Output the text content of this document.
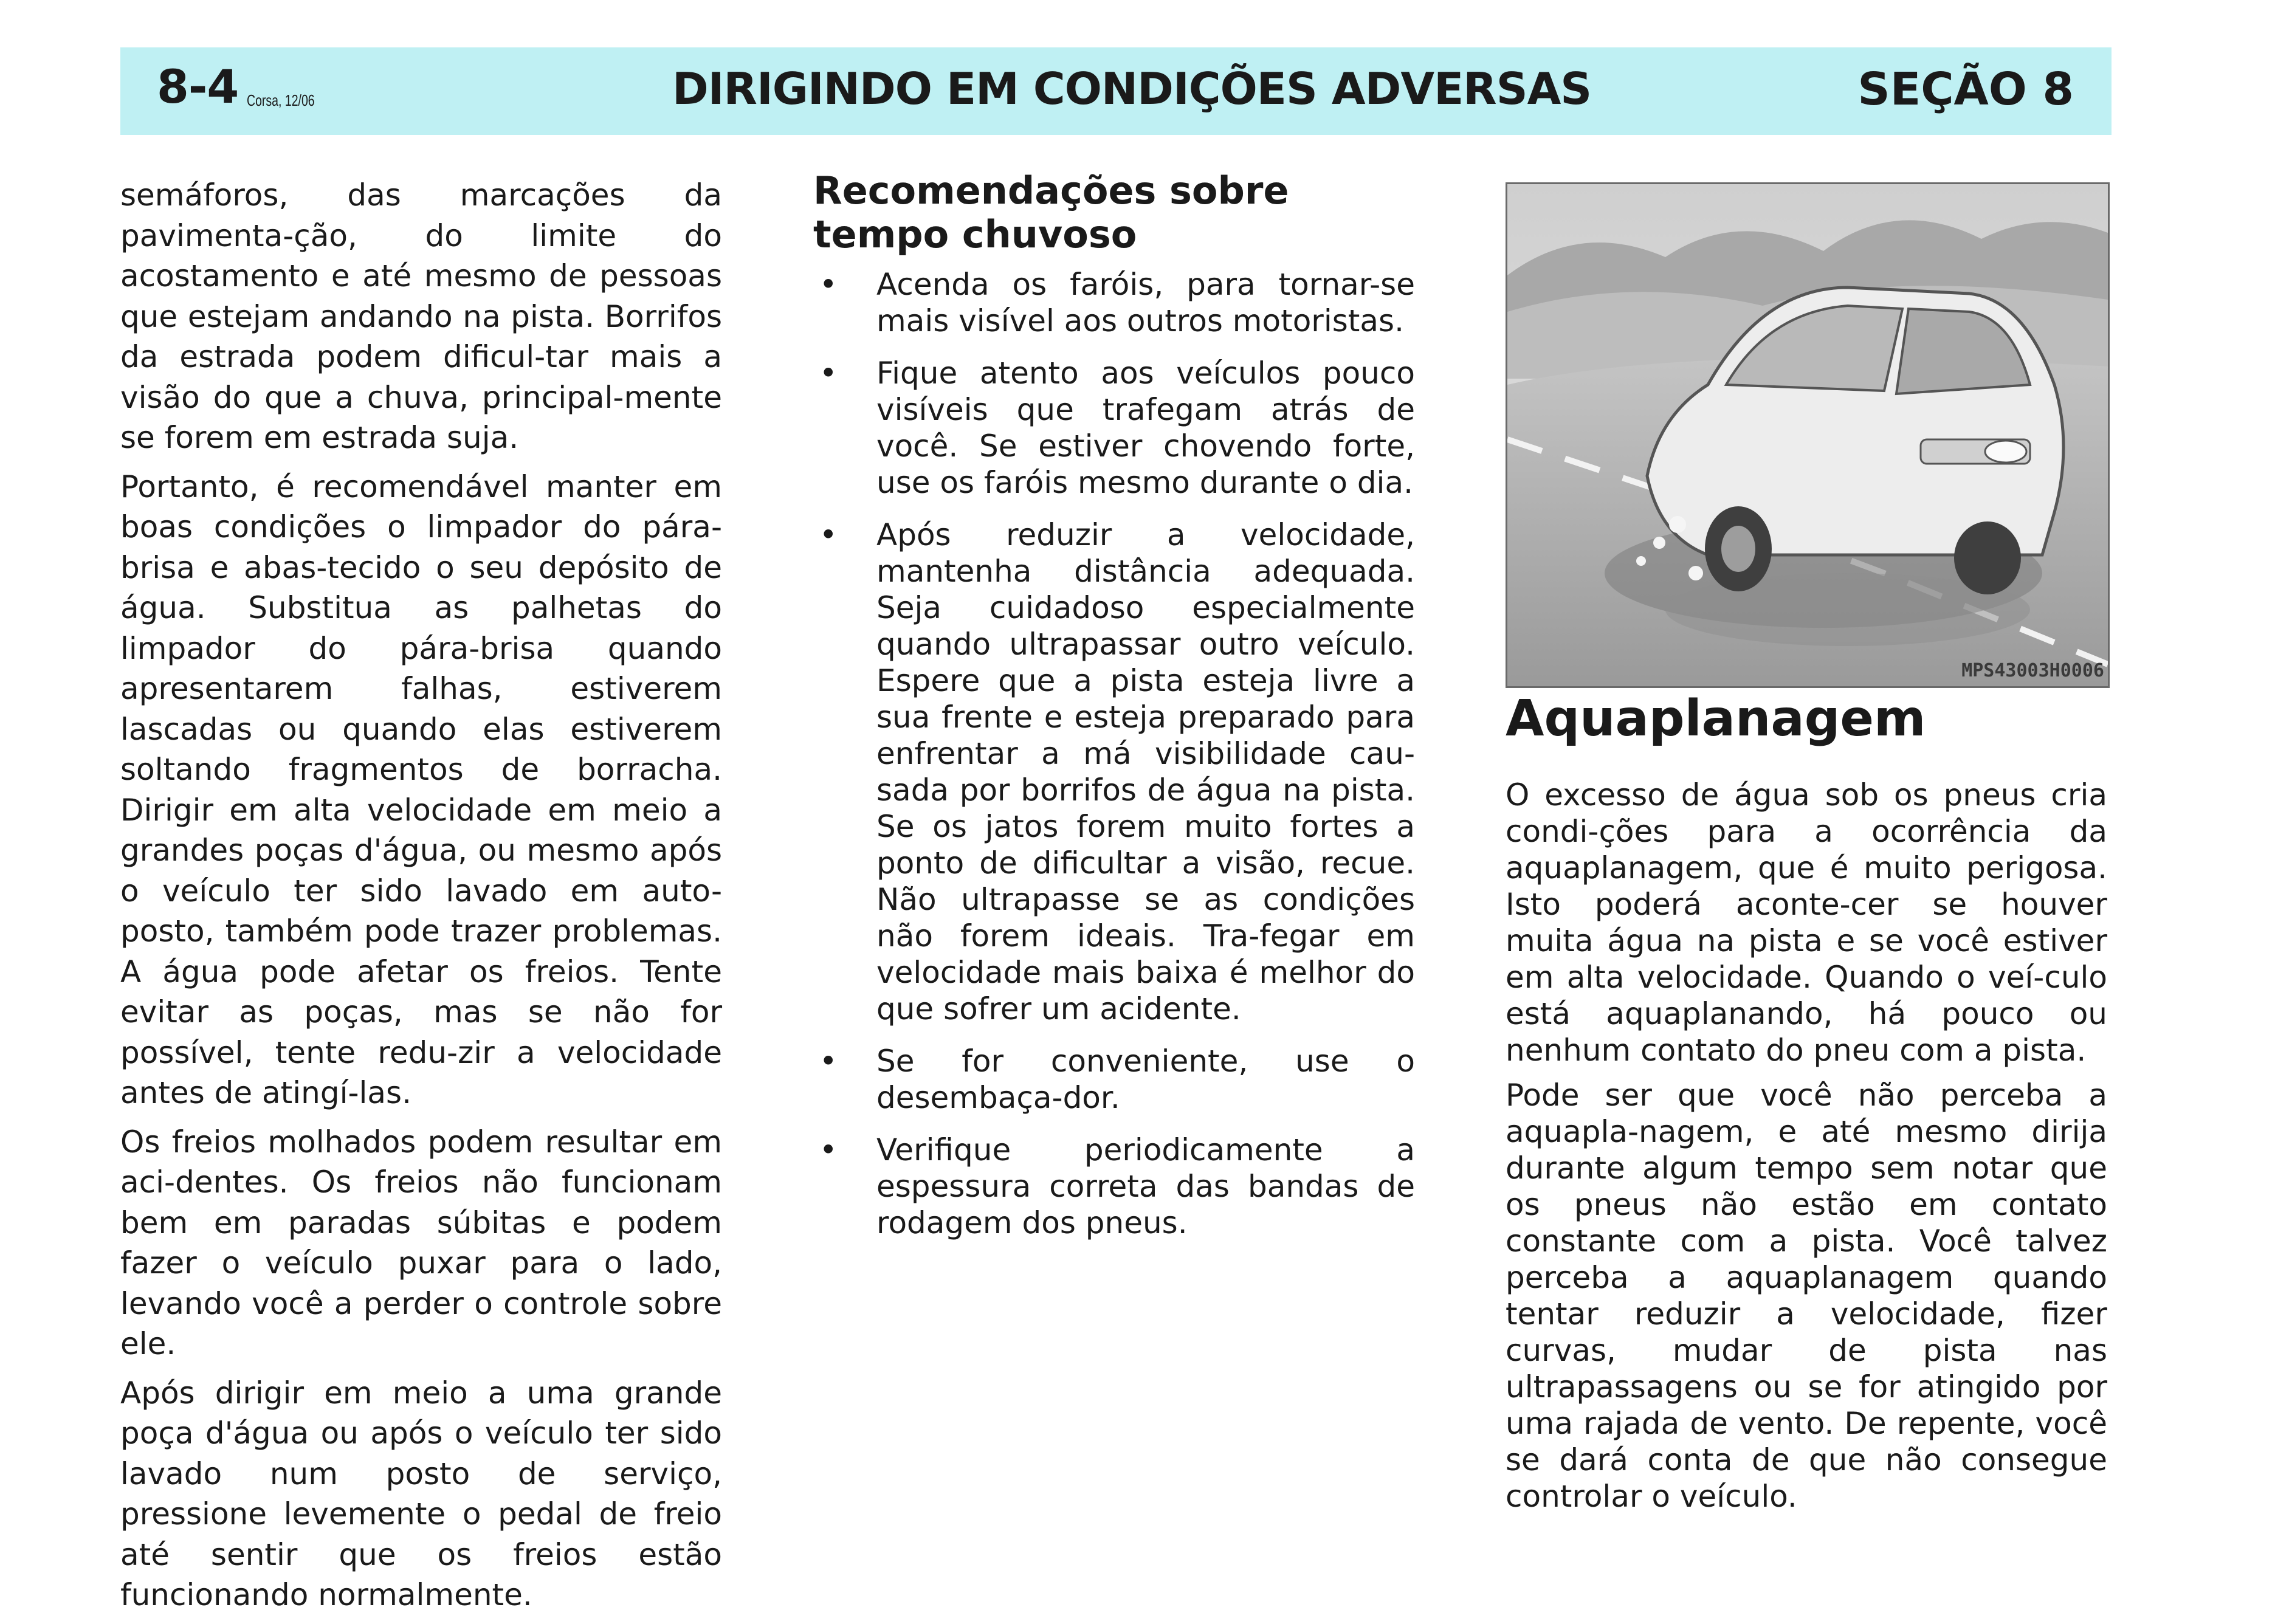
8-4 Corsa, 12/06	DIRIGINDO EM CONDIÇÕES ADVERSAS	SEÇÃO 8

semáforos, das marcações da pavimenta-ção, do limite do acostamento e até mesmo de pessoas que estejam andando na pista. Borrifos da estrada podem dificul-tar mais a visão do que a chuva, principal-mente se forem em estrada suja.

Portanto, é recomendável manter em boas condições o limpador do pára-brisa e abas-tecido o seu depósito de água. Substitua as palhetas do limpador do pára-brisa quando apresentarem falhas, estiverem lascadas ou quando elas estiverem soltando fragmentos de borracha. Dirigir em alta velocidade em meio a grandes poças d'água, ou mesmo após o veículo ter sido lavado em auto-posto, também pode trazer problemas. A água pode afetar os freios. Tente evitar as poças, mas se não for possível, tente redu-zir a velocidade antes de atingí-las.

Os freios molhados podem resultar em aci-dentes. Os freios não funcionam bem em paradas súbitas e podem fazer o veículo puxar para o lado, levando você a perder o controle sobre ele.

Após dirigir em meio a uma grande poça d'água ou após o veículo ter sido lavado num posto de serviço, pressione levemente o pedal de freio até sentir que os freios estão funcionando normalmente.

Recomendações sobre tempo chuvoso
• Acenda os faróis, para tornar-se mais visível aos outros motoristas.
• Fique atento aos veículos pouco visíveis que trafegam atrás de você. Se estiver chovendo forte, use os faróis mesmo durante o dia.
• Após reduzir a velocidade, mantenha distância adequada. Seja cuidadoso especialmente quando ultrapassar outro veículo. Espere que a pista esteja livre a sua frente e esteja preparado para enfrentar a má visibilidade cau-sada por borrifos de água na pista. Se os jatos forem muito fortes a ponto de dificultar a visão, recue. Não ultrapasse se as condições não forem ideais. Tra-fegar em velocidade mais baixa é melhor do que sofrer um acidente.
• Se for conveniente, use o desembaça-dor.
• Verifique periodicamente a espessura correta das bandas de rodagem dos pneus.
MPS43003H0006
Aquaplanagem

O excesso de água sob os pneus cria condi-ções para a ocorrência da aquaplanagem, que é muito perigosa. Isto poderá aconte-cer se houver muita água na pista e se você estiver em alta velocidade. Quando o veí-culo está aquaplanando, há pouco ou nenhum contato do pneu com a pista.

Pode ser que você não perceba a aquapla-nagem, e até mesmo dirija durante algum tempo sem notar que os pneus não estão em contato constante com a pista. Você talvez perceba a aquaplanagem quando tentar reduzir a velocidade, fizer curvas, mudar de pista nas ultrapassagens ou se for atingido por uma rajada de vento. De repente, você se dará conta de que não consegue controlar o veículo.
